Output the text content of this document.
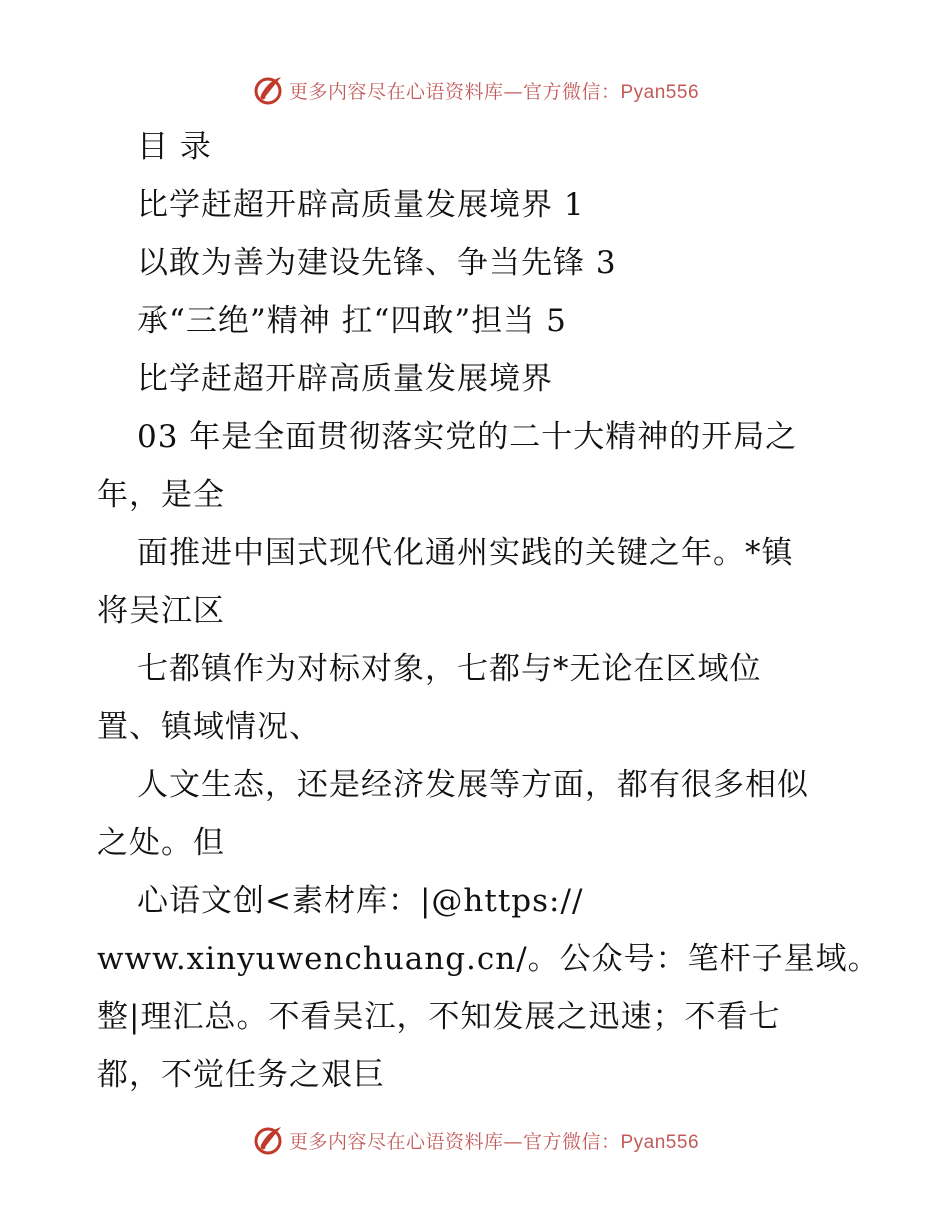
更多内容尽在心语资料库—官方微信：Pyan556
目 录
比学赶超开辟高质量发展境界 1
以敢为善为建设先锋、争当先锋 3
承“三绝”精神 扛“四敢”担当 5
比学赶超开辟高质量发展境界
03 年是全面贯彻落实党的二十大精神的开局之
年，是全
面推进中国式现代化通州实践的关键之年。*镇
将吴江区
七都镇作为对标对象，七都与*无论在区域位
置、镇域情况、
人文生态，还是经济发展等方面，都有很多相似
之处。但
心语文创<素材库：|@https://
www.xinyuwenchuang.cn/。公众号：笔杆子星域。
整|理汇总。不看吴江，不知发展之迅速；不看七
都，不觉任务之艰巨
更多内容尽在心语资料库—官方微信：Pyan556
